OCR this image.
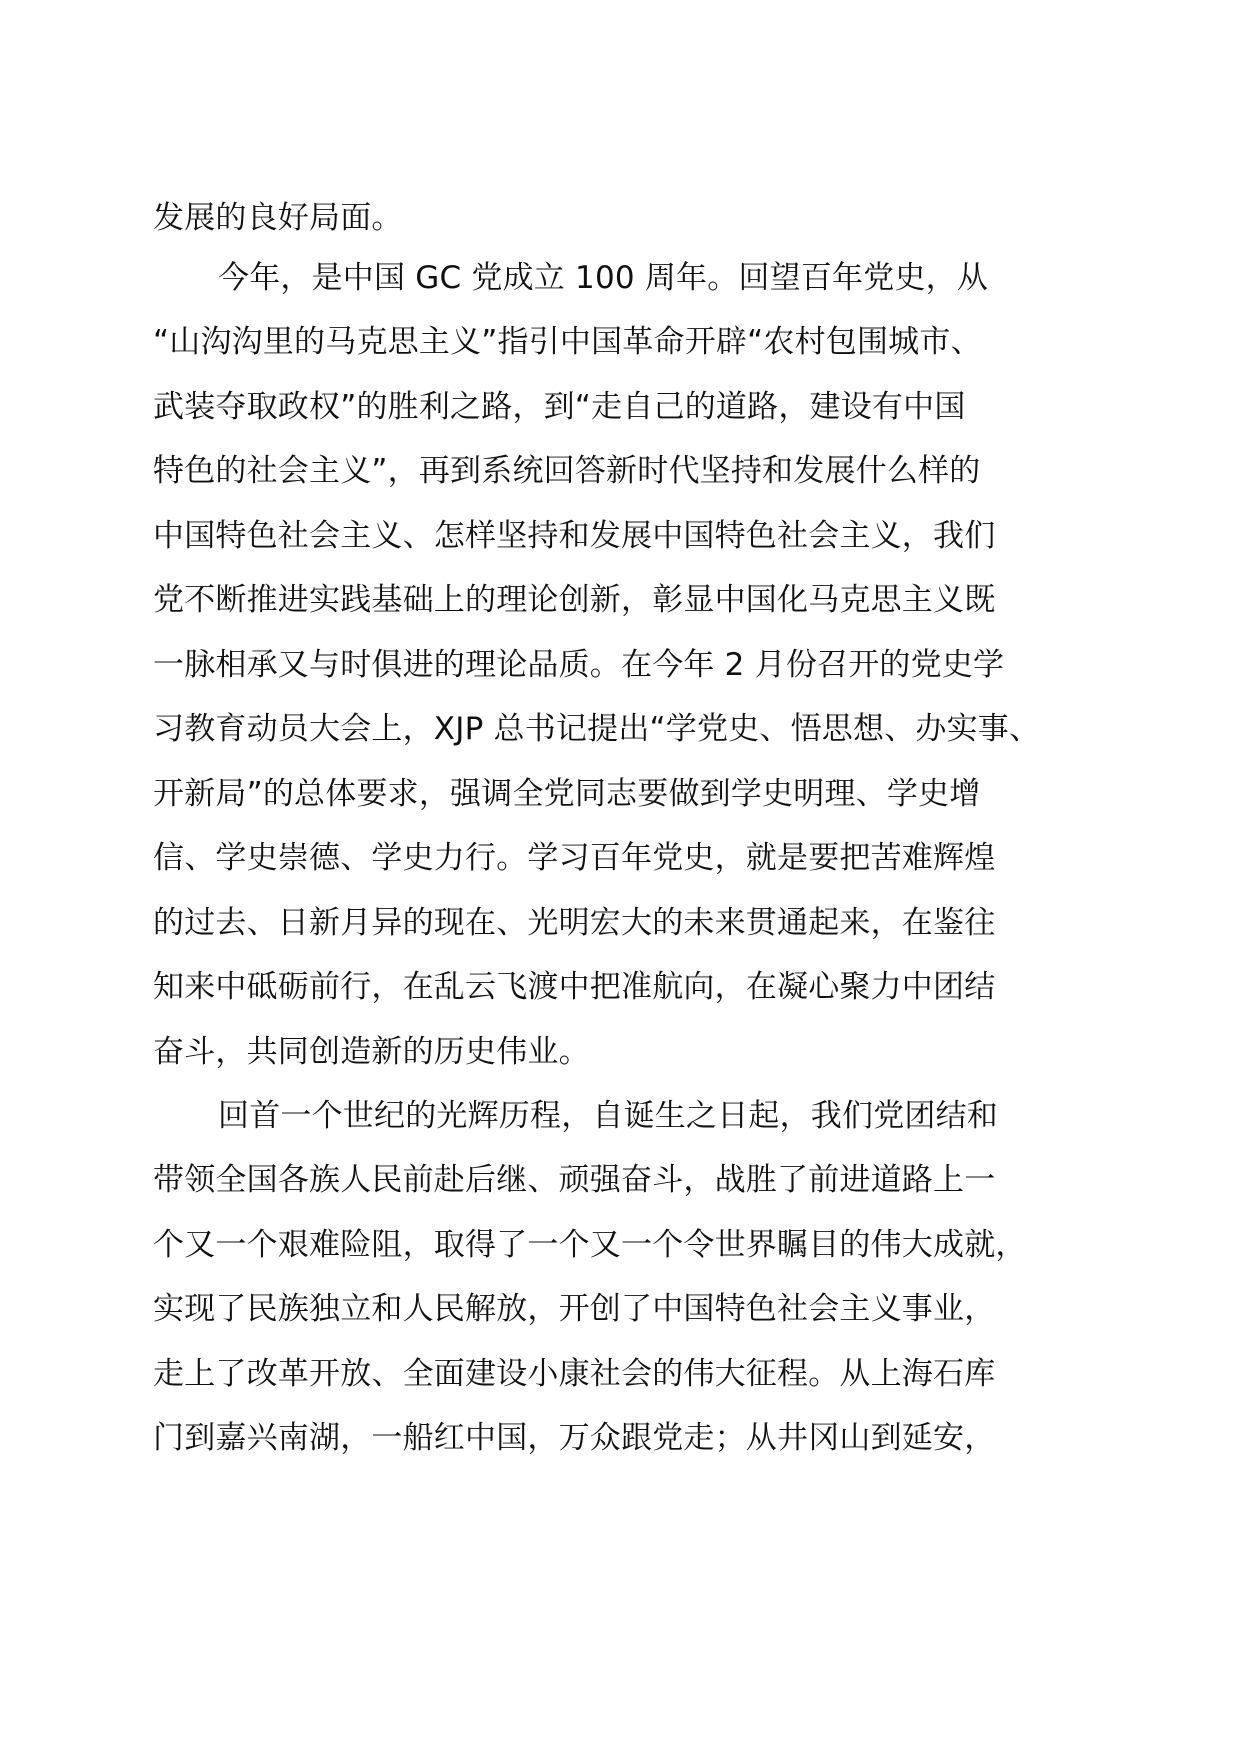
发展的良好局面。
今年，是中国 GC 党成立 100 周年。回望百年党史，从
“山沟沟里的马克思主义”指引中国革命开辟“农村包围城市、
武装夺取政权”的胜利之路，到“走自己的道路，建设有中国
特色的社会主义”，再到系统回答新时代坚持和发展什么样的
中国特色社会主义、怎样坚持和发展中国特色社会主义，我们
党不断推进实践基础上的理论创新，彰显中国化马克思主义既
一脉相承又与时俱进的理论品质。在今年 2 月份召开的党史学
习教育动员大会上，XJP 总书记提出“学党史、悟思想、办实事、
开新局”的总体要求，强调全党同志要做到学史明理、学史增
信、学史崇德、学史力行。学习百年党史，就是要把苦难辉煌
的过去、日新月异的现在、光明宏大的未来贯通起来，在鉴往
知来中砥砺前行，在乱云飞渡中把准航向，在凝心聚力中团结
奋斗，共同创造新的历史伟业。
回首一个世纪的光辉历程，自诞生之日起，我们党团结和
带领全国各族人民前赴后继、顽强奋斗，战胜了前进道路上一
个又一个艰难险阻，取得了一个又一个令世界瞩目的伟大成就，
实现了民族独立和人民解放，开创了中国特色社会主义事业，
走上了改革开放、全面建设小康社会的伟大征程。从上海石库
门到嘉兴南湖，一船红中国，万众跟党走；从井冈山到延安，
